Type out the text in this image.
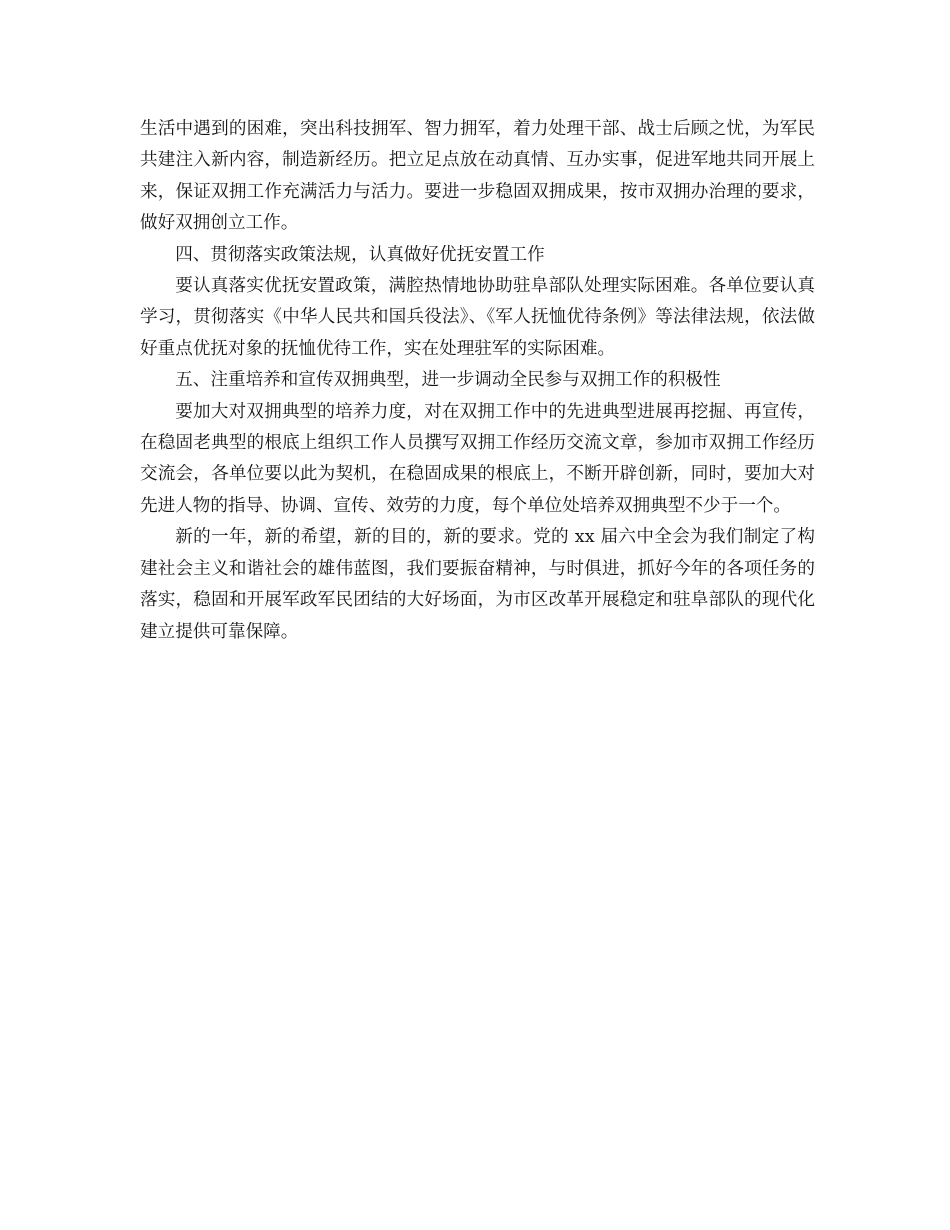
生活中遇到的困难，突出科技拥军、智力拥军，着力处理干部、战士后顾之忧，为军民共建注入新内容，制造新经历。把立足点放在动真情、互办实事，促进军地共同开展上来，保证双拥工作充满活力与活力。要进一步稳固双拥成果，按市双拥办治理的要求，做好双拥创立工作。

四、贯彻落实政策法规，认真做好优抚安置工作

要认真落实优抚安置政策，满腔热情地协助驻阜部队处理实际困难。各单位要认真学习，贯彻落实《中华人民共和国兵役法》、《军人抚恤优待条例》等法律法规，依法做好重点优抚对象的抚恤优待工作，实在处理驻军的实际困难。

五、注重培养和宣传双拥典型，进一步调动全民参与双拥工作的积极性

要加大对双拥典型的培养力度，对在双拥工作中的先进典型进展再挖掘、再宣传，在稳固老典型的根底上组织工作人员撰写双拥工作经历交流文章，参加市双拥工作经历交流会，各单位要以此为契机，在稳固成果的根底上，不断开辟创新，同时，要加大对先进人物的指导、协调、宣传、效劳的力度，每个单位处培养双拥典型不少于一个。

新的一年，新的希望，新的目的，新的要求。党的 xx 届六中全会为我们制定了构建社会主义和谐社会的雄伟蓝图，我们要振奋精神，与时俱进，抓好今年的各项任务的落实，稳固和开展军政军民团结的大好场面，为市区改革开展稳定和驻阜部队的现代化建立提供可靠保障。
